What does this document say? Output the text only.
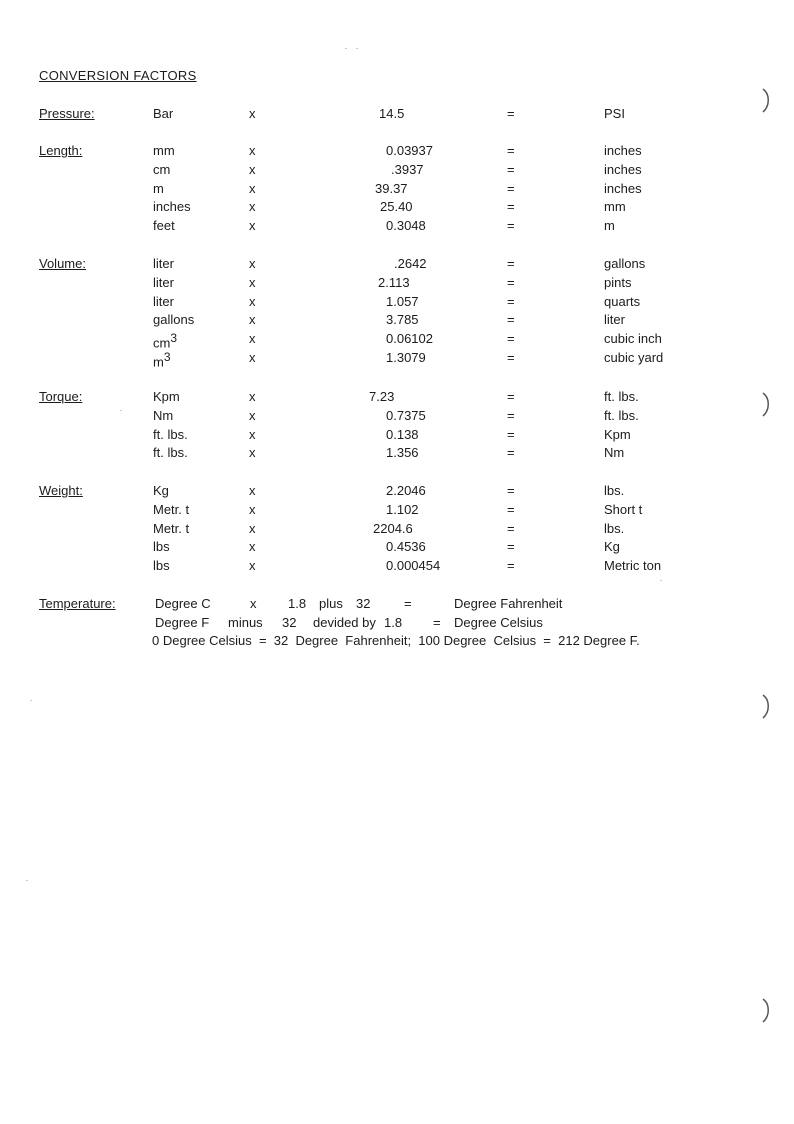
CONVERSION FACTORS
Pressure:	Bar	x	14.5	=	PSI
Length:	mm	x	0.03937	=	inches
cm	x	.3937	=	inches
m	x	39.37	=	inches
inches	x	25.40	=	mm
feet	x	0.3048	=	m
Volume:	liter	x	.2642	=	gallons
liter	x	2.113	=	pints
liter	x	1.057	=	quarts
gallons	x	3.785	=	liter
$cm^3$	x	0.06102	=	cubic inch
$m^3$	x	1.3079	=	cubic yard
Torque:	Kpm	x	7.23	=	ft. lbs.
Nm	x	0.7375	=	ft. lbs.
ft. lbs.	x	0.138	=	Kpm
ft. lbs.	x	1.356	=	Nm
Weight:	Kg	x	2.2046	=	lbs.
Metr. t	x	1.102	=	Short t
Metr. t	x	2204.6	=	lbs.
lbs	x	0.4536	=	Kg
lbs	x	0.000454	=	Metric ton
Temperature:	Degree C	x 1.8 plus 32	=	Degree Fahrenheit
Degree F minus 32 devided by 1.8 = Degree Celsius
0 Degree Celsius  =  32  Degree  Fahrenheit;  100 Degree  Celsius  =  212 Degree F.
